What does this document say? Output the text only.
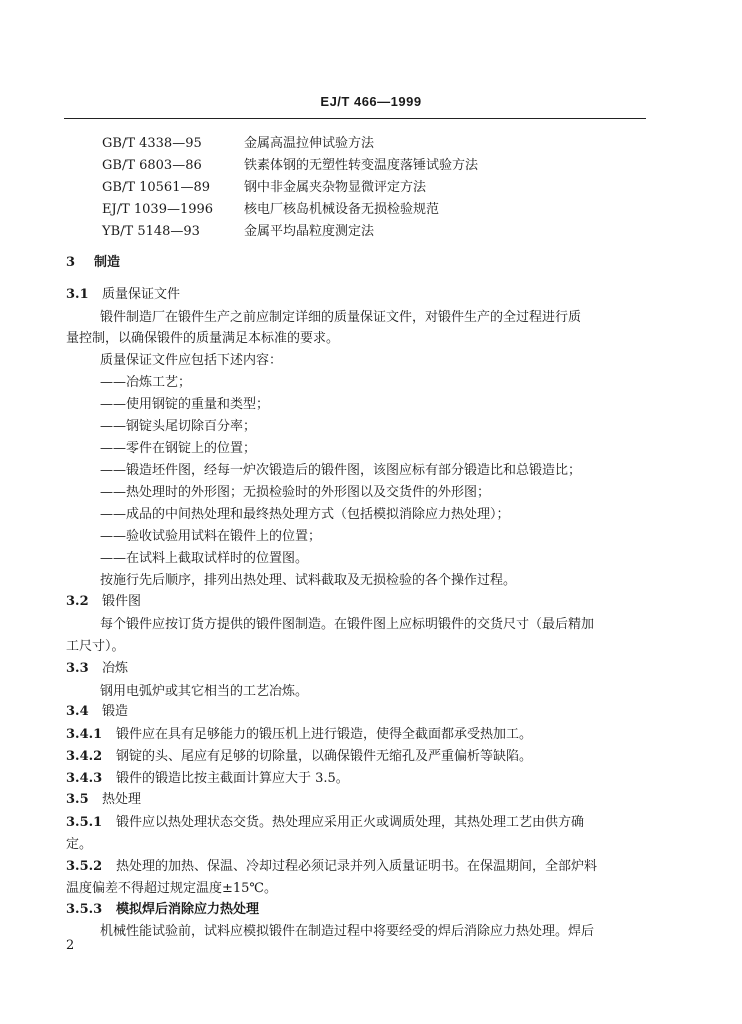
EJ/T 466—1999
GB/T 4338—95	金属高温拉伸试验方法
GB/T 6803—86	铁素体钢的无塑性转变温度落锤试验方法
GB/T 10561—89	钢中非金属夹杂物显微评定方法
EJ/T 1039—1996 核电厂核岛机械设备无损检验规范
YB/T 5148—93	金属平均晶粒度测定法
3 制造
3.1 质量保证文件
锻件制造厂在锻件生产之前应制定详细的质量保证文件，对锻件生产的全过程进行质
量控制，以确保锻件的质量满足本标准的要求。
质量保证文件应包括下述内容：
——冶炼工艺；
——使用钢锭的重量和类型；
——钢锭头尾切除百分率；
——零件在钢锭上的位置；
——锻造坯件图，经每一炉次锻造后的锻件图，该图应标有部分锻造比和总锻造比；
——热处理时的外形图；无损检验时的外形图以及交货件的外形图；
——成品的中间热处理和最终热处理方式（包括模拟消除应力热处理）；
——验收试验用试料在锻件上的位置；
——在试料上截取试样时的位置图。
按施行先后顺序，排列出热处理、试料截取及无损检验的各个操作过程。
3.2 锻件图
每个锻件应按订货方提供的锻件图制造。在锻件图上应标明锻件的交货尺寸（最后精加
工尺寸）。
3.3 冶炼
钢用电弧炉或其它相当的工艺冶炼。
3.4 锻造
3.4.1 锻件应在具有足够能力的锻压机上进行锻造，使得全截面都承受热加工。
3.4.2 钢锭的头、尾应有足够的切除量，以确保锻件无缩孔及严重偏析等缺陷。
3.4.3 锻件的锻造比按主截面计算应大于 3.5。
3.5 热处理
3.5.1 锻件应以热处理状态交货。热处理应采用正火或调质处理，其热处理工艺由供方确
定。
3.5.2 热处理的加热、保温、冷却过程必须记录并列入质量证明书。在保温期间，全部炉料
温度偏差不得超过规定温度±15℃。
3.5.3 模拟焊后消除应力热处理
机械性能试验前，试料应模拟锻件在制造过程中将要经受的焊后消除应力热处理。焊后
2
